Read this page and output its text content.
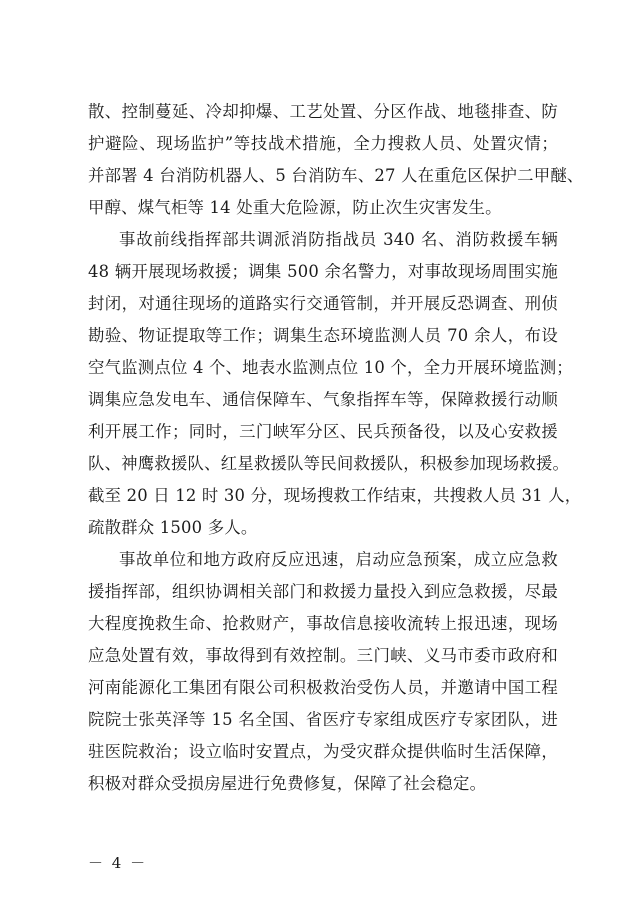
散、控制蔓延、冷却抑爆、工艺处置、分区作战、地毯排查、防
护避险、现场监护”等技战术措施，全力搜救人员、处置灾情；
并部署 4 台消防机器人、5 台消防车、27 人在重危区保护二甲醚、
甲醇、煤气柜等 14 处重大危险源，防止次生灾害发生。
事故前线指挥部共调派消防指战员 340 名、消防救援车辆
48 辆开展现场救援；调集 500 余名警力，对事故现场周围实施
封闭，对通往现场的道路实行交通管制，并开展反恐调查、刑侦
勘验、物证提取等工作；调集生态环境监测人员 70 余人，布设
空气监测点位 4 个、地表水监测点位 10 个，全力开展环境监测；
调集应急发电车、通信保障车、气象指挥车等，保障救援行动顺
利开展工作；同时，三门峡军分区、民兵预备役，以及心安救援
队、神鹰救援队、红星救援队等民间救援队，积极参加现场救援。
截至 20 日 12 时 30 分，现场搜救工作结束，共搜救人员 31 人，
疏散群众 1500 多人。
事故单位和地方政府反应迅速，启动应急预案，成立应急救
援指挥部，组织协调相关部门和救援力量投入到应急救援，尽最
大程度挽救生命、抢救财产，事故信息接收流转上报迅速，现场
应急处置有效，事故得到有效控制。三门峡、义马市委市政府和
河南能源化工集团有限公司积极救治受伤人员，并邀请中国工程
院院士张英泽等 15 名全国、省医疗专家组成医疗专家团队，进
驻医院救治；设立临时安置点，为受灾群众提供临时生活保障，
积极对群众受损房屋进行免费修复，保障了社会稳定。
－ 4 －
